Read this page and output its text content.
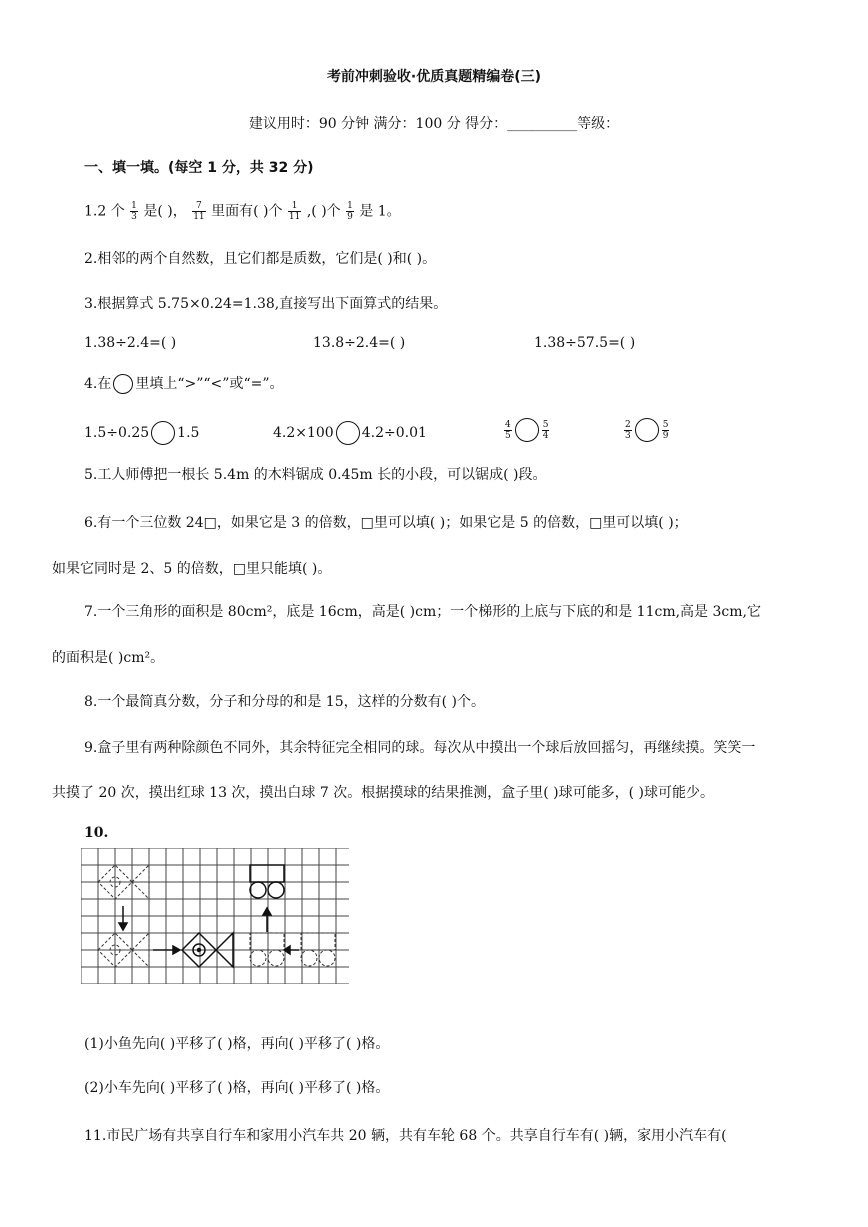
考前冲刺验收·优质真题精编卷(三)
建议用时：90 分钟 满分：100 分 得分：__________等级：
一、填一填。(每空 1 分，共 32 分)
1.2 个 $\frac{1}{3}$ 是( )， $\frac{7}{11}$ 里面有( )个 $\frac{1}{11}$ ,( )个 $\frac{1}{9}$ 是 1。
2.相邻的两个自然数，且它们都是质数，它们是( )和( )。
3.根据算式 5.75×0.24=1.38,直接写出下面算式的结果。
1.38÷2.4=( )	13.8÷2.4=( )	1.38÷57.5=( )
4.在 里填上“>”“<”或“=”。
1.5÷0.25 1.5	4.2×100 4.2÷0.01	$\frac{4}{5}$	$\frac{5}{4}$	$\frac{2}{3}$	$\frac{5}{9}$
5.工人师傅把一根长 5.4m 的木料锯成 0.45m 长的小段，可以锯成( )段。
6.有一个三位数 24□，如果它是 3 的倍数，□里可以填( )；如果它是 5 的倍数，□里可以填( )；
如果它同时是 2、5 的倍数，□里只能填( )。
7.一个三角形的面积是 80cm²，底是 16cm，高是( )cm；一个梯形的上底与下底的和是 11cm,高是 3cm,它
的面积是( )cm²。
8.一个最简真分数，分子和分母的和是 15，这样的分数有( )个。
9.盒子里有两种除颜色不同外，其余特征完全相同的球。每次从中摸出一个球后放回摇匀，再继续摸。笑笑一
共摸了 20 次，摸出红球 13 次，摸出白球 7 次。根据摸球的结果推测，盒子里( )球可能多，( )球可能少。
10.
(1)小鱼先向( )平移了( )格，再向( )平移了( )格。
(2)小车先向( )平移了( )格，再向( )平移了( )格。
11.市民广场有共享自行车和家用小汽车共 20 辆，共有车轮 68 个。共享自行车有( )辆，家用小汽车有(
